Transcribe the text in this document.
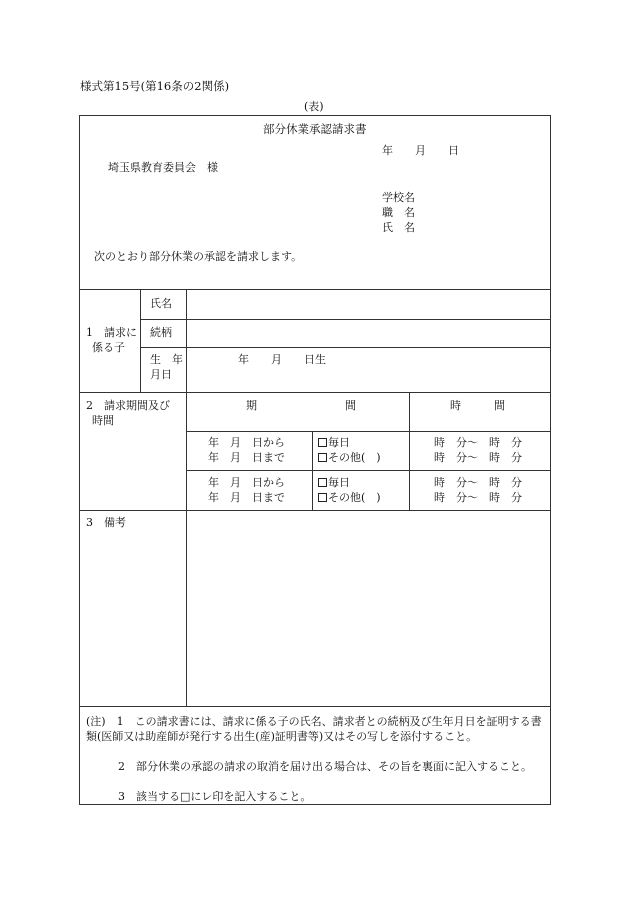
様式第15号(第16条の2関係)
(表)
部分休業承認請求書
年　　月　　日
埼玉県教育委員会　様
学校名
職　名
氏　名
次のとおり部分休業の承認を請求します。
1　請求に
係る子
氏名
続柄
生　年
月日
年　　月　　日生
2　請求期間及び
時間
期　　　　　　　　間	時　　　間
年　月　日から
年　月　日まで
毎日
その他(　)
時　分～　時　分
時　分～　時　分
年　月　日から
年　月　日まで
毎日
その他(　)
時　分～　時　分
時　分～　時　分
3　備考
(注)　 1　 この請求書には、請求に係る子の氏名、請求者との続柄及び生年月日を証明する書類(医師又は助産師が発行する出生(産)証明書等)又はその写しを添付すること。
2　 部分休業の承認の請求の取消を届け出る場合は、その旨を裏面に記入すること。
3　 該当する□にレ印を記入すること。
